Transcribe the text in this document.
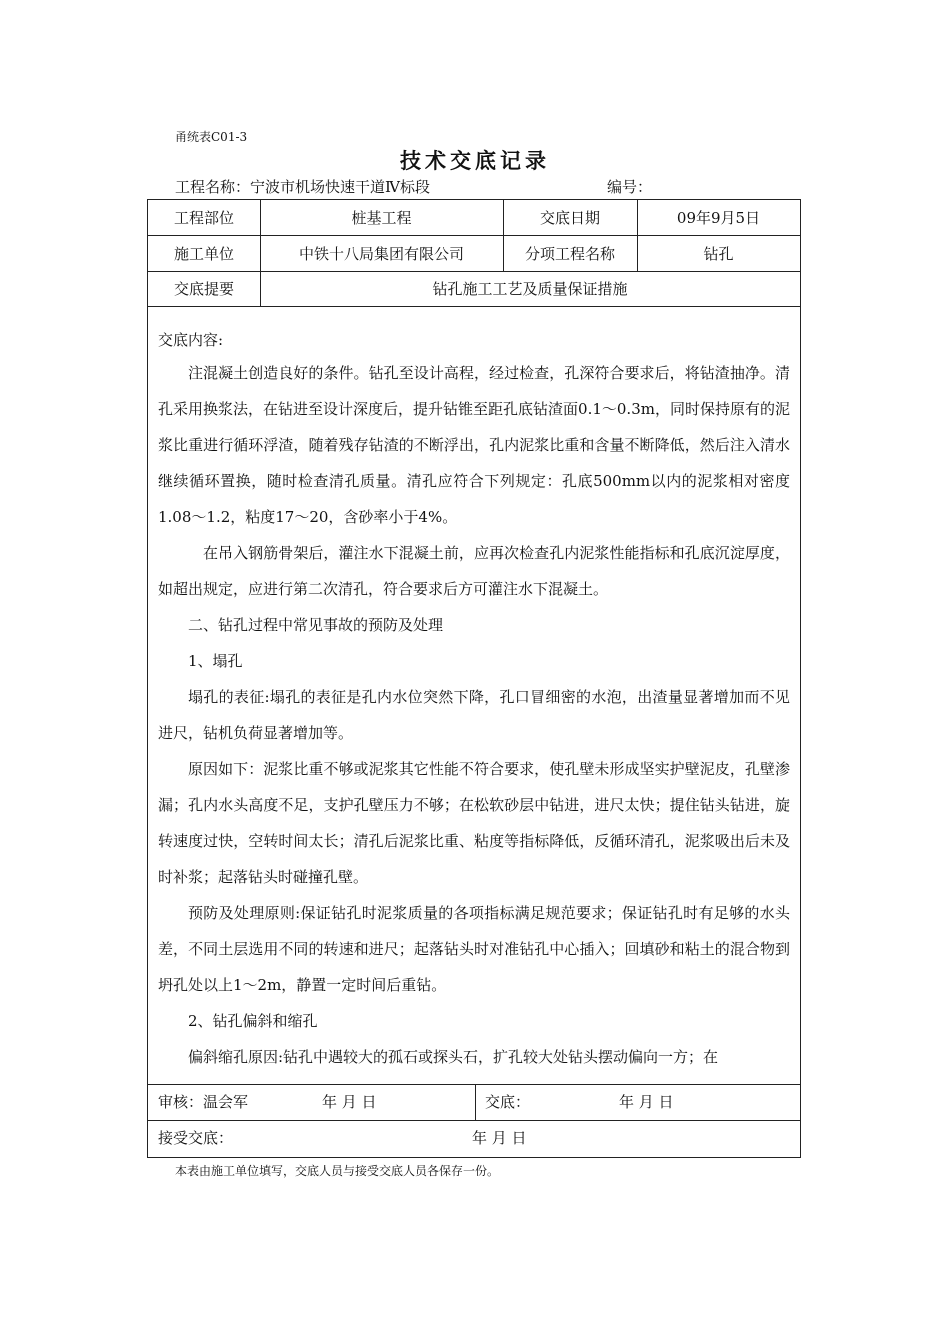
甬统表C01-3
技术交底记录
工程名称：宁波市机场快速干道Ⅳ标段	编号：
工程部位	桩基工程	交底日期	09年9月5日
施工单位	中铁十八局集团有限公司	分项工程名称	钻孔
交底提要	钻孔施工工艺及质量保证措施
交底内容:

注混凝土创造良好的条件。钻孔至设计高程，经过检查，孔深符合要求后，将钻渣抽净。清孔采用换浆法，在钻进至设计深度后，提升钻锥至距孔底钻渣面0.1～0.3m，同时保持原有的泥浆比重进行循环浮渣，随着残存钻渣的不断浮出，孔内泥浆比重和含量不断降低，然后注入清水继续循环置换，随时检查清孔质量。清孔应符合下列规定：孔底500mm以内的泥浆相对密度1.08～1.2，粘度17～20，含砂率小于4%。

在吊入钢筋骨架后，灌注水下混凝土前，应再次检查孔内泥浆性能指标和孔底沉淀厚度，如超出规定，应进行第二次清孔，符合要求后方可灌注水下混凝土。

二、钻孔过程中常见事故的预防及处理

1、塌孔

塌孔的表征:塌孔的表征是孔内水位突然下降，孔口冒细密的水泡，出渣量显著增加而不见进尺，钻机负荷显著增加等。

原因如下：泥浆比重不够或泥浆其它性能不符合要求，使孔壁未形成坚实护壁泥皮，孔壁渗漏；孔内水头高度不足，支护孔壁压力不够；在松软砂层中钻进，进尺太快；提住钻头钻进，旋转速度过快，空转时间太长；清孔后泥浆比重、粘度等指标降低，反循环清孔，泥浆吸出后未及时补浆；起落钻头时碰撞孔壁。

预防及处理原则:保证钻孔时泥浆质量的各项指标满足规范要求；保证钻孔时有足够的水头差，不同土层选用不同的转速和进尺；起落钻头时对准钻孔中心插入；回填砂和粘土的混合物到坍孔处以上1～2m，静置一定时间后重钻。

2、钻孔偏斜和缩孔

偏斜缩孔原因:钻孔中遇较大的孤石或探头石，扩孔较大处钻头摆动偏向一方；在

审核：温会军	年 月 日	交底：	年 月 日
接受交底：	年 月 日
本表由施工单位填写，交底人员与接受交底人员各保存一份。
